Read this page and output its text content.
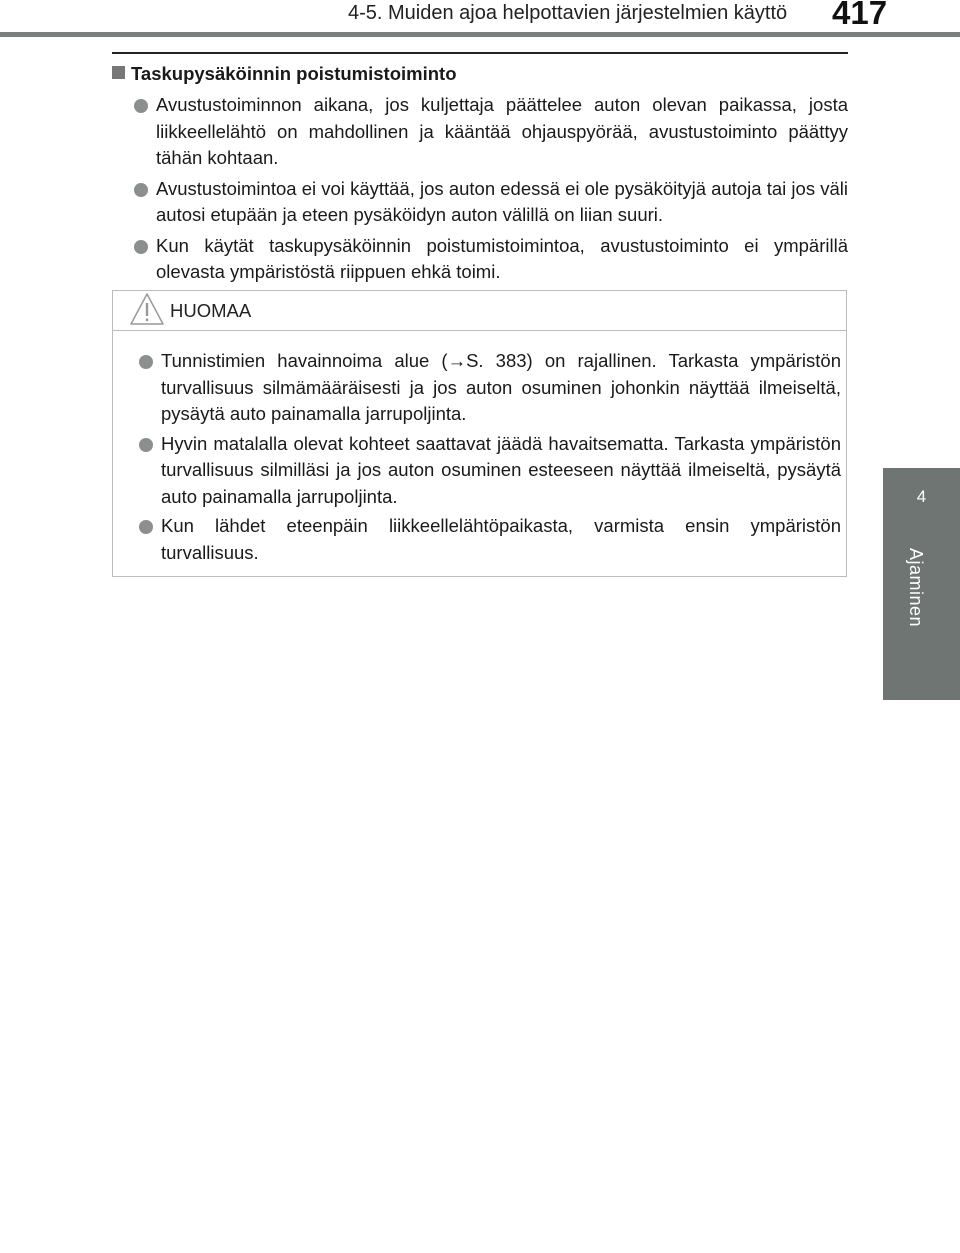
4-5. Muiden ajoa helpottavien järjestelmien käyttö 417
4
Ajaminen
Taskupysäköinnin poistumistoiminto
Avustustoiminnon aikana, jos kuljettaja päättelee auton olevan paikassa, josta liikkeellelähtö on mahdollinen ja kääntää ohjauspyörää, avustustoiminto päättyy tähän kohtaan.
Avustustoimintoa ei voi käyttää, jos auton edessä ei ole pysäköityjä autoja tai jos väli autosi etupään ja eteen pysäköidyn auton välillä on liian suuri.
Kun käytät taskupysäköinnin poistumistoimintoa, avustustoiminto ei ympärillä olevasta ympäristöstä riippuen ehkä toimi.
HUOMAA
Tunnistimien havainnoima alue (→S. 383) on rajallinen. Tarkasta ympäristön turvallisuus silmämääräisesti ja jos auton osuminen johonkin näyttää ilmeiseltä, pysäytä auto painamalla jarrupoljinta.
Hyvin matalalla olevat kohteet saattavat jäädä havaitsematta. Tarkasta ympäristön turvallisuus silmilläsi ja jos auton osuminen esteeseen näyttää ilmeiseltä, pysäytä auto painamalla jarrupoljinta.
Kun lähdet eteenpäin liikkeellelähtöpaikasta, varmista ensin ympäristön turvallisuus.
